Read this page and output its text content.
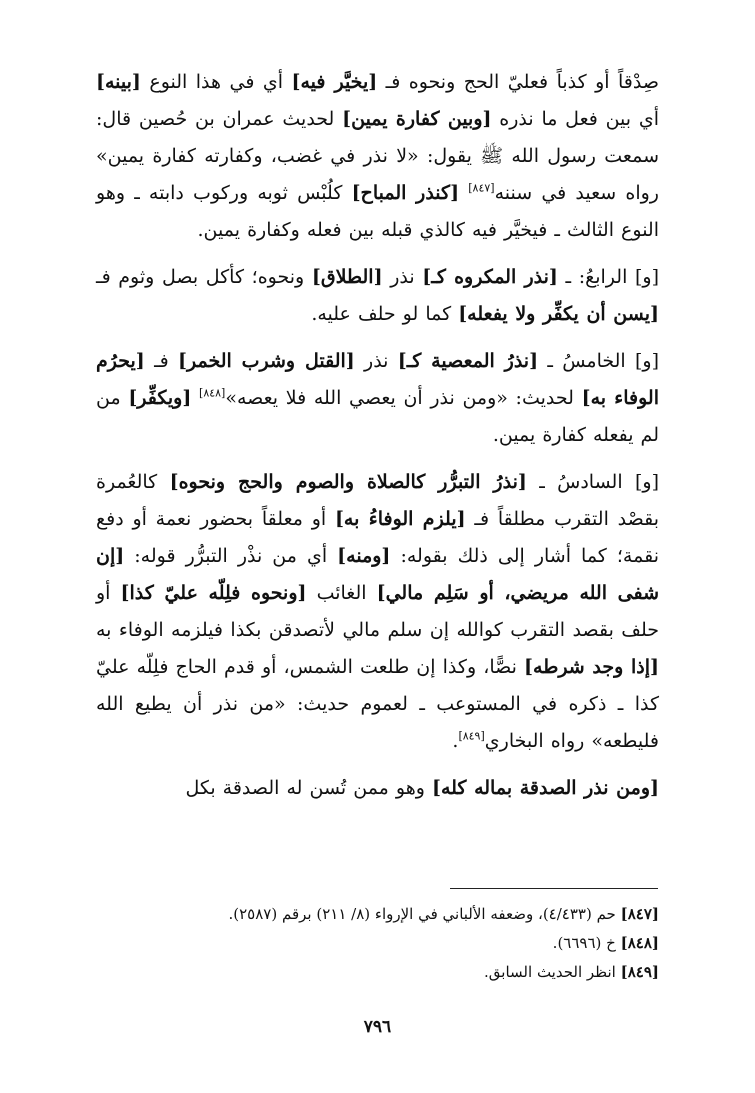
صِدْقاً أو كذباً فعليّ الحج ونحوه فـ [يخيَّر فيه] أي في هذا النوع [بينه] أي بين فعل ما نذره [وبين كفارة يمين] لحديث عمران بن حُصين قال: سمعت رسول الله ﷺ يقول: «لا نذر في غضب، وكفارته كفارة يمين» رواه سعيد في سننه[٨٤٧] [كنذر المباح] كلُبْس ثوبه وركوب دابته ـ وهو النوع الثالث ـ فيخيَّر فيه كالذي قبله بين فعله وكفارة يمين.

[و] الرابعُ: ـ [نذر المكروه كـ] نذر [الطلاق] ونحوه؛ كأكل بصل وثوم فـ [يسن أن يكفِّر ولا يفعله] كما لو حلف عليه.

[و] الخامسُ ـ [نذرُ المعصية كـ] نذر [القتل وشرب الخمر] فـ [يحرُم الوفاء به] لحديث: «ومن نذر أن يعصي الله فلا يعصه»[٨٤٨] [ويكفِّر] من لم يفعله كفارة يمين.

[و] السادسُ ـ [نذرُ التبرُّر كالصلاة والصوم والحج ونحوه] كالعُمرة بقصْد التقرب مطلقاً فـ [يلزم الوفاءُ به] أو معلقاً بحضور نعمة أو دفع نقمة؛ كما أشار إلى ذلك بقوله: [ومنه] أي من نذْر التبرُّر قوله: [إن شفى الله مريضي، أو سَلِم مالي] الغائب [ونحوه فلِلّه عليّ كذا] أو حلف بقصد التقرب كوالله إن سلم مالي لأتصدقن بكذا فيلزمه الوفاء به [إذا وجد شرطه] نصًّا، وكذا إن طلعت الشمس، أو قدم الحاج فلِلّه عليّ كذا ـ ذكره في المستوعب ـ لعموم حديث: «من نذر أن يطيع الله فليطعه» رواه البخاري[٨٤٩].

[ومن نذر الصدقة بماله كله] وهو ممن تُسن له الصدقة بكل

[٨٤٧] حم (٤/٤٣٣)، وضعفه الألباني في الإرواء (٨/ ٢١١) برقم (٢٥٨٧).
[٨٤٨] خ (٦٦٩٦).
[٨٤٩] انظر الحديث السابق.
٧٩٦
